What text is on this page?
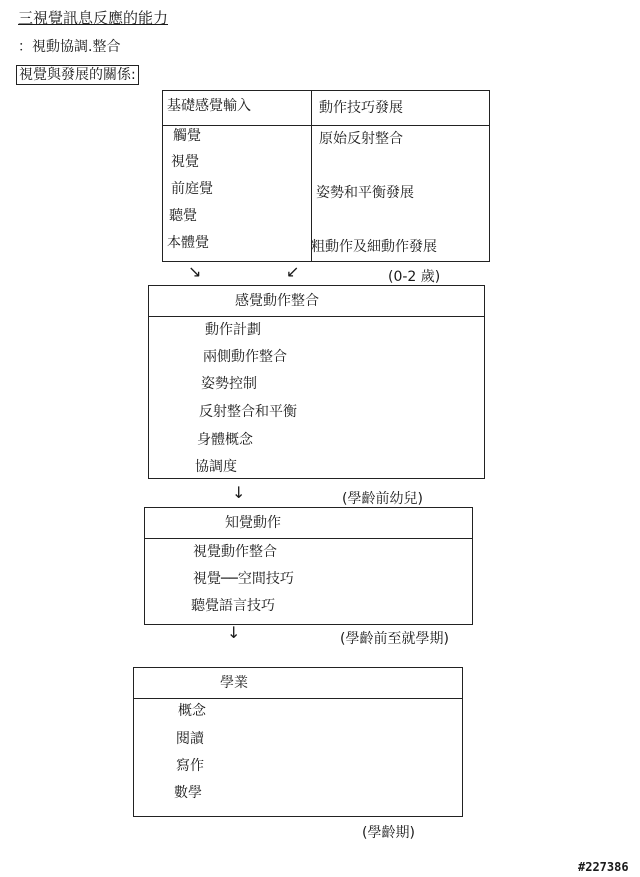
三視覺訊息反應的能力
：視動協調.整合
視覺與發展的關係:
基礎感覺輸入	動作技巧發展
觸覺
視覺
前庭覺
聽覺
本體覺
原始反射整合
姿勢和平衡發展
粗動作及細動作發展
↘	↙	(0-2 歲)
感覺動作整合
動作計劃
兩側動作整合
姿勢控制
反射整合和平衡
身體概念
協調度
↓	(學齡前幼兒)
知覺動作
視覺動作整合
視覺──空間技巧
聽覺語言技巧
↓	(學齡前至就學期)
學業
概念
閱讀
寫作
數學
(學齡期)
#227386
